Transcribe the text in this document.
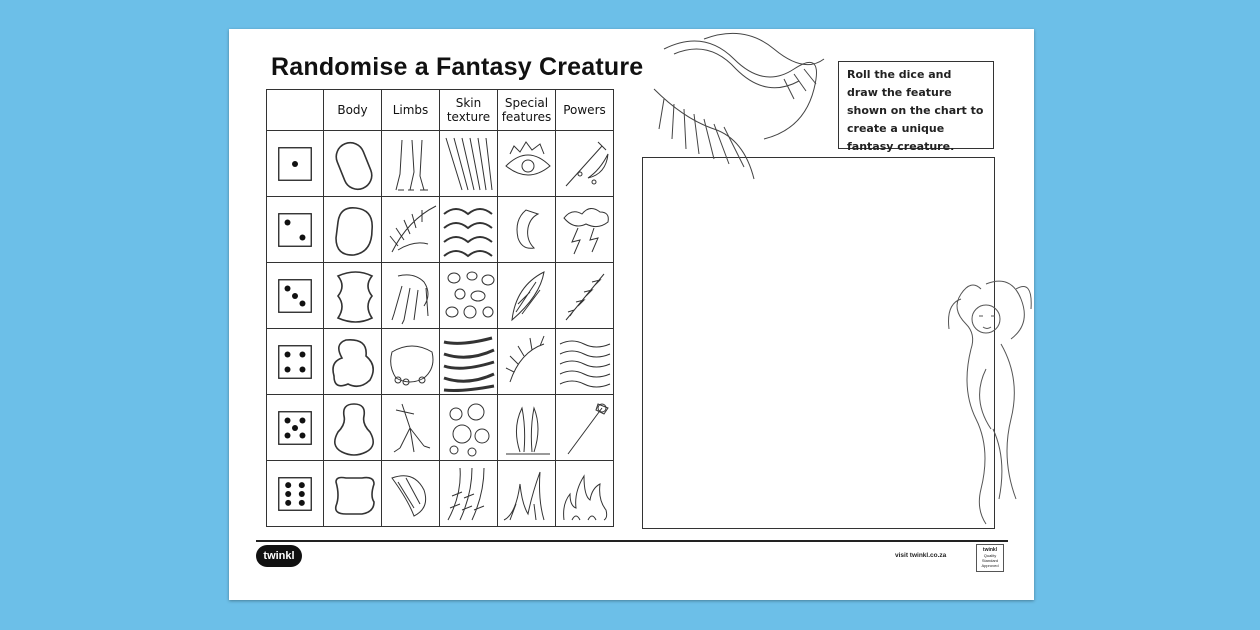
Randomise a Fantasy Creature
	Body	Limbs	Skin texture	Special features	Powers

Roll the dice and draw the feature shown on the chart to create a unique fantasy creature.
twinkl	visit twinkl.co.za
twinkl
Quality Standard Approved
